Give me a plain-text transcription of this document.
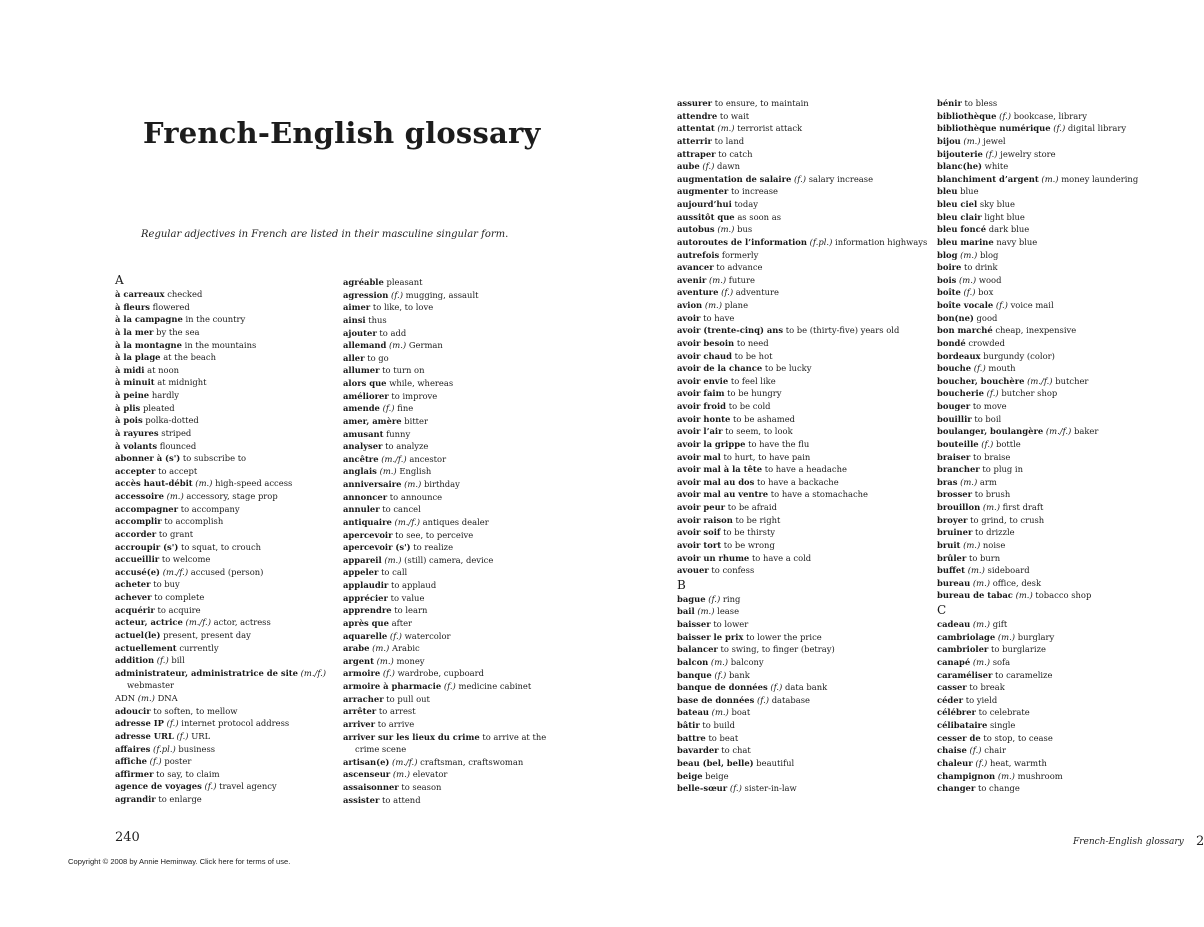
French-English glossary
Regular adjectives in French are listed in their masculine singular form.
A
à carreaux checked
à fleurs flowered
à la campagne in the country
à la mer by the sea
à la montagne in the mountains
à la plage at the beach
à midi at noon
à minuit at midnight
à peine hardly
à plis pleated
à pois polka-dotted
à rayures striped
à volants flounced
abonner à (s') to subscribe to
accepter to accept
accès haut-débit (m.) high-speed access
accessoire (m.) accessory, stage prop
accompagner to accompany
accomplir to accomplish
accorder to grant
accroupir (s') to squat, to crouch
accueillir to welcome
accusé(e) (m./f.) accused (person)
acheter to buy
achever to complete
acquérir to acquire
acteur, actrice (m./f.) actor, actress
actuel(le) present, present day
actuellement currently
addition (f.) bill
administrateur, administratrice de site (m./f.) webmaster
ADN (m.) DNA
adoucir to soften, to mellow
adresse IP (f.) internet protocol address
adresse URL (f.) URL
affaires (f.pl.) business
affiche (f.) poster
affirmer to say, to claim
agence de voyages (f.) travel agency
agrandir to enlarge
agréable pleasant
agression (f.) mugging, assault
aimer to like, to love
ainsi thus
ajouter to add
allemand (m.) German
aller to go
allumer to turn on
alors que while, whereas
améliorer to improve
amende (f.) fine
amer, amère bitter
amusant funny
analyser to analyze
ancêtre (m./f.) ancestor
anglais (m.) English
anniversaire (m.) birthday
annoncer to announce
annuler to cancel
antiquaire (m./f.) antiques dealer
apercevoir to see, to perceive
apercevoir (s') to realize
appareil (m.) (still) camera, device
appeler to call
applaudir to applaud
apprécier to value
apprendre to learn
après que after
aquarelle (f.) watercolor
arabe (m.) Arabic
argent (m.) money
armoire (f.) wardrobe, cupboard
armoire à pharmacie (f.) medicine cabinet
arracher to pull out
arrêter to arrest
arriver to arrive
arriver sur les lieux du crime to arrive at the crime scene
artisan(e) (m./f.) craftsman, craftswoman
ascenseur (m.) elevator
assaisonner to season
assister to attend
assurer to ensure, to maintain
attendre to wait
attentat (m.) terrorist attack
atterrir to land
attraper to catch
aube (f.) dawn
augmentation de salaire (f.) salary increase
augmenter to increase
aujourd’hui today
aussitôt que as soon as
autobus (m.) bus
autoroutes de l’information (f.pl.) information highways
autrefois formerly
avancer to advance
avenir (m.) future
aventure (f.) adventure
avion (m.) plane
avoir to have
avoir (trente-cinq) ans to be (thirty-five) years old
avoir besoin to need
avoir chaud to be hot
avoir de la chance to be lucky
avoir envie to feel like
avoir faim to be hungry
avoir froid to be cold
avoir honte to be ashamed
avoir l’air to seem, to look
avoir la grippe to have the flu
avoir mal to hurt, to have pain
avoir mal à la tête to have a headache
avoir mal au dos to have a backache
avoir mal au ventre to have a stomachache
avoir peur to be afraid
avoir raison to be right
avoir soif to be thirsty
avoir tort to be wrong
avoir un rhume to have a cold
avouer to confess
B
bague (f.) ring
bail (m.) lease
baisser to lower
baisser le prix to lower the price
balancer to swing, to finger (betray)
balcon (m.) balcony
banque (f.) bank
banque de données (f.) data bank
base de données (f.) database
bateau (m.) boat
bâtir to build
battre to beat
bavarder to chat
beau (bel, belle) beautiful
beige beige
belle-sœur (f.) sister-in-law
bénir to bless
bibliothèque (f.) bookcase, library
bibliothèque numérique (f.) digital library
bijou (m.) jewel
bijouterie (f.) jewelry store
blanc(he) white
blanchiment d’argent (m.) money laundering
bleu blue
bleu ciel sky blue
bleu clair light blue
bleu foncé dark blue
bleu marine navy blue
blog (m.) blog
boire to drink
bois (m.) wood
boîte (f.) box
boîte vocale (f.) voice mail
bon(ne) good
bon marché cheap, inexpensive
bondé crowded
bordeaux burgundy (color)
bouche (f.) mouth
boucher, bouchère (m./f.) butcher
boucherie (f.) butcher shop
bouger to move
bouillir to boil
boulanger, boulangère (m./f.) baker
bouteille (f.) bottle
braiser to braise
brancher to plug in
bras (m.) arm
brosser to brush
brouillon (m.) first draft
broyer to grind, to crush
bruiner to drizzle
bruit (m.) noise
brûler to burn
buffet (m.) sideboard
bureau (m.) office, desk
bureau de tabac (m.) tobacco shop
C
cadeau (m.) gift
cambriolage (m.) burglary
cambrioler to burglarize
canapé (m.) sofa
caraméliser to caramelize
casser to break
céder to yield
célébrer to celebrate
célibataire single
cesser de to stop, to cease
chaise (f.) chair
chaleur (f.) heat, warmth
champignon (m.) mushroom
changer to change
240	French-English glossary 2
Copyright © 2008 by Annie Heminway. Click here for terms of use.
